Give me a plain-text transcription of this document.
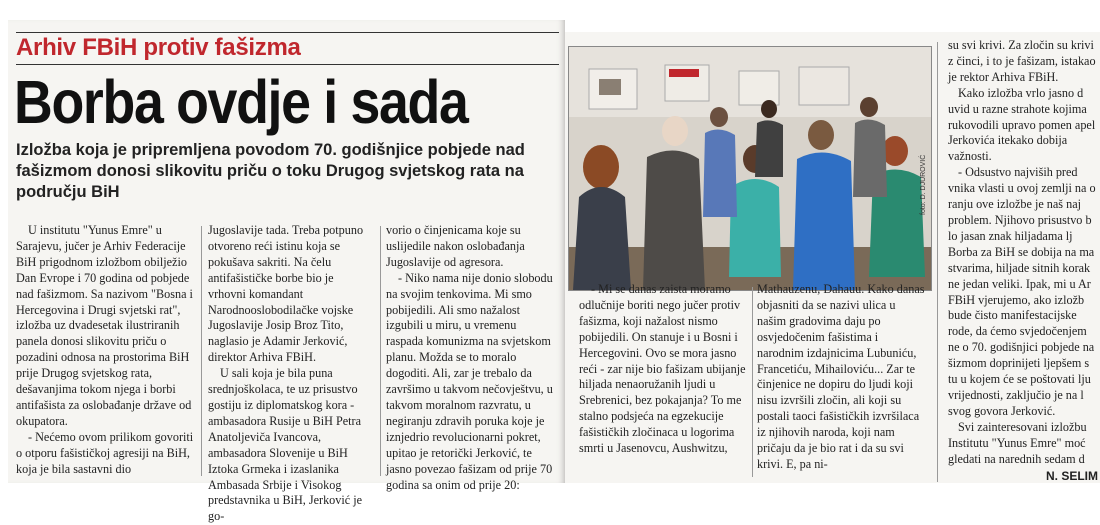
Arhiv FBiH protiv fašizma
Borba ovdje i sada
Izložba koja je pripremljena povodom 70. godišnjice pobjede nad fašizmom donosi slikovitu priču o toku Drugog svjetskog rata na području BiH

U institutu "Yunus Emre" u Sarajevu, jučer je Arhiv Federacije BiH prigodnom izložbom obilježio Dan Evrope i 70 godina od pobjede nad fašizmom. Sa nazivom "Bosna i Hercegovina i Drugi svjetski rat", izložba uz dvadesetak ilustriranih panela donosi slikovitu priču o pozadini odnosa na prostorima BiH prije Drugog svjetskog rata, dešavanjima tokom njega i borbi antifašista za oslobađanje države od okupatora.

- Nećemo ovom prilikom govoriti o otporu fašističkoj agresiji na BiH, koja je bila sastavni dio

Jugoslavije tada. Treba potpuno otvoreno reći istinu koja se pokušava sakriti. Na čelu antifašističke borbe bio je vrhovni komandant Narodnooslobodilačke vojske Jugoslavije Josip Broz Tito, naglasio je Adamir Jerković, direktor Arhiva FBiH.

U sali koja je bila puna srednjoškolaca, te uz prisustvo gostiju iz diplomatskog kora - ambasadora Rusije u BiH Petra Anatoljeviča Ivancova, ambasadora Slovenije u BiH Iztoka Grmeka i izaslanika Ambasada Srbije i Visokog predstavnika u BiH, Jerković je go-

vorio o činjenicama koje su uslijedile nakon oslobađanja Jugoslavije od agresora.

- Niko nama nije donio slobodu na svojim tenkovima. Mi smo pobijedili. Ali smo nažalost izgubili u miru, u vremenu raspada komunizma na svjetskom planu. Možda se to moralo dogoditi. Ali, zar je trebalo da završimo u takvom nečovještvu, u takvom moralnom razvratu, u negiranju zdravih poruka koje je iznjedrio revolucionarni pokret, upitao je retorički Jerković, te jasno povezao fašizam od prije 70 godina sa onim od prije 20:

foto: D. DJUROVIĆ

- Mi se danas zaista moramo odlučnije boriti nego jučer protiv fašizma, koji nažalost nismo pobijedili. On stanuje i u Bosni i Hercegovini. Ovo se mora jasno reći - zar nije bio fašizam ubijanje hiljada nenaoružanih ljudi u Srebrenici, bez pokajanja? To me stalno podsjeća na egzekucije fašističkih zločinaca u logorima smrti u Jasenovcu, Aushwitzu,

Mathauzenu, Dahauu. Kako danas objasniti da se nazivi ulica u našim gradovima daju po osvjedočenim fašistima i narodnim izdajnicima Lubuniću, Francetiću, Mihailoviću... Zar te činjenice ne dopiru do ljudi koji nisu izvršili zločin, ali koji su postali taoci fašističkih izvršilaca iz njihovih naroda, koji nam pričaju da je bio rat i da su svi krivi. E, pa ni-

su svi krivi. Za zločin su krivi z činci, i to je fašizam, istakao je rektor Arhiva FBiH.

Kako izložba vrlo jasno d uvid u razne strahote kojima rukovodili upravo pomen apel Jerkovića itekako dobija važnosti.

- Odsustvo najviših pred vnika vlasti u ovoj zemlji na o ranju ove izložbe je naš naj problem. Njihovo prisustvo b lo jasan znak hiljadama lj Borba za BiH se dobija na ma stvarima, hiljade sitnih korak ne jedan veliki. Ipak, mi u Ar FBiH vjerujemo, ako izložb bude čisto manifestacijske rode, da ćemo svjedočenjem ne o 70. godišnjici pobjede na šizmom doprinijeti ljepšem s tu u kojem će se poštovati lju vrijednosti, zaključio je na l svog govora Jerković.

Svi zainteresovani izložbu Institutu "Yunus Emre" moć gledati na narednih sedam d

N. SELIM
